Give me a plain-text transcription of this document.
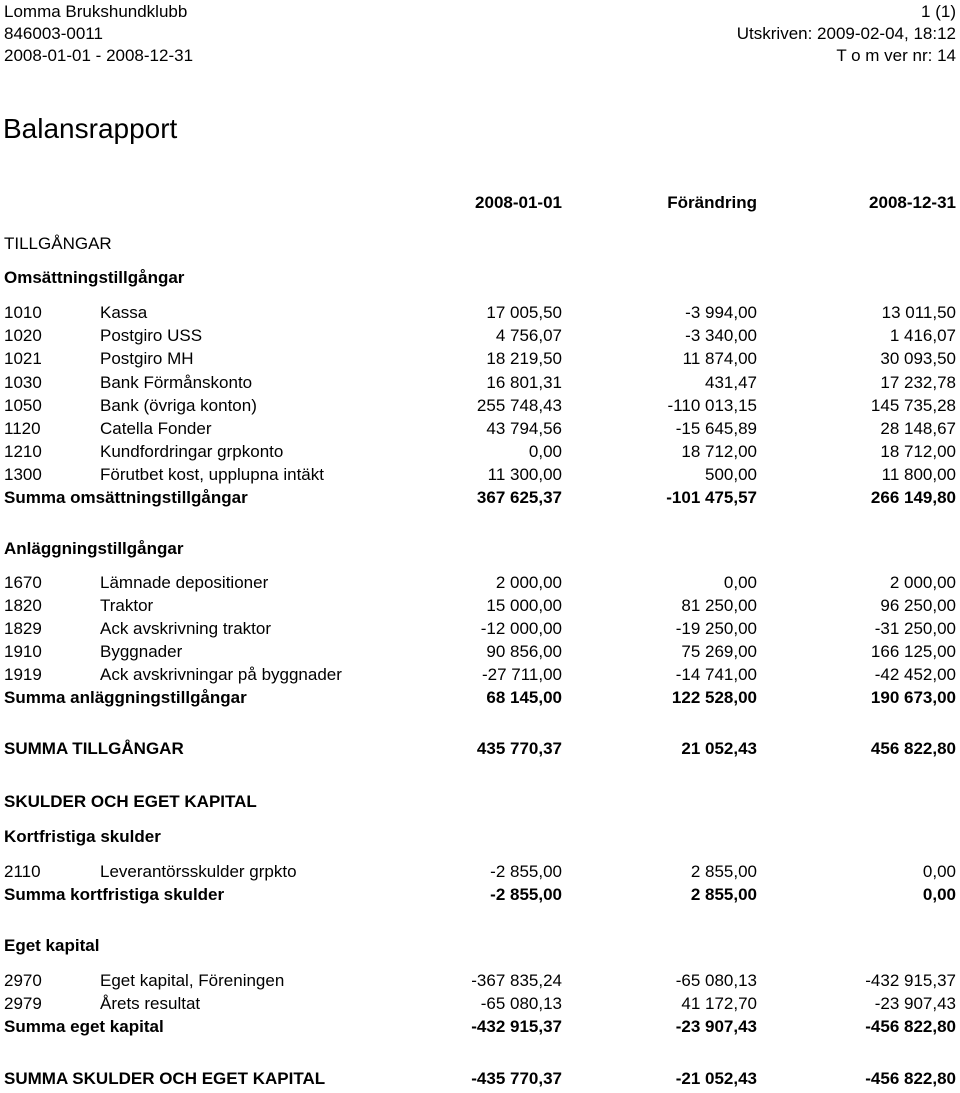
Lomma Brukshundklubb	1 (1)
846003-0011	Utskriven: 2009-02-04, 18:12
2008-01-01 - 2008-12-31	T o m ver nr: 14
Balansrapport
2008-01-01	Förändring	2008-12-31
TILLGÅNGAR
Omsättningstillgångar
1010	Kassa	17 005,50	-3 994,00	13 011,50
1020	Postgiro USS	4 756,07	-3 340,00	1 416,07
1021	Postgiro MH	18 219,50	11 874,00	30 093,50
1030	Bank Förmånskonto	16 801,31	431,47	17 232,78
1050	Bank (övriga konton)	255 748,43	-110 013,15	145 735,28
1120	Catella Fonder	43 794,56	-15 645,89	28 148,67
1210	Kundfordringar grpkonto	0,00	18 712,00	18 712,00
1300	Förutbet kost, upplupna intäkt	11 300,00	500,00	11 800,00
Summa omsättningstillgångar	367 625,37	-101 475,57	266 149,80
Anläggningstillgångar
1670	Lämnade depositioner	2 000,00	0,00	2 000,00
1820	Traktor	15 000,00	81 250,00	96 250,00
1829	Ack avskrivning traktor	-12 000,00	-19 250,00	-31 250,00
1910	Byggnader	90 856,00	75 269,00	166 125,00
1919	Ack avskrivningar på byggnader	-27 711,00	-14 741,00	-42 452,00
Summa anläggningstillgångar	68 145,00	122 528,00	190 673,00
SUMMA TILLGÅNGAR	435 770,37	21 052,43	456 822,80
SKULDER OCH EGET KAPITAL
Kortfristiga skulder
2110	Leverantörsskulder grpkto	-2 855,00	2 855,00	0,00
Summa kortfristiga skulder	-2 855,00	2 855,00	0,00
Eget kapital
2970	Eget kapital, Föreningen	-367 835,24	-65 080,13	-432 915,37
2979	Årets resultat	-65 080,13	41 172,70	-23 907,43
Summa eget kapital	-432 915,37	-23 907,43	-456 822,80
SUMMA SKULDER OCH EGET KAPITAL	-435 770,37	-21 052,43	-456 822,80
